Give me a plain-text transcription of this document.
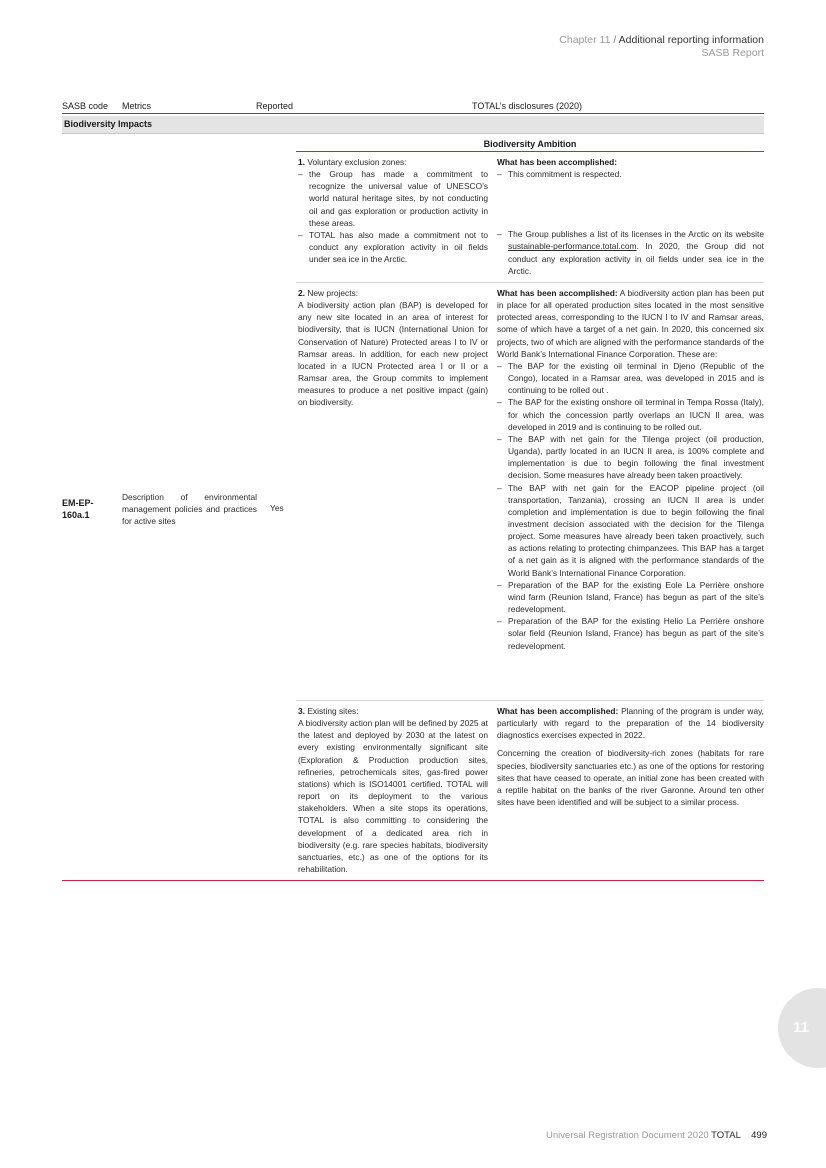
Chapter 11 / Additional reporting information
SASB Report
SASB code Metrics	Reported	TOTAL’s disclosures (2020)
Biodiversity Impacts
Biodiversity Ambition
EM-EP-160a.1
Description of environmental management policies and practices for active sites
Yes

1. Voluntary exclusion zones:

– the Group has made a commitment to recognize the universal value of UNESCO’s world natural heritage sites, by not conducting oil and gas exploration or production activity in these areas.
– TOTAL has also made a commitment not to conduct any exploration activity in oil fields under sea ice in the Arctic.

What has been accomplished:

– This commitment is respected.
– The Group publishes a list of its licenses in the Arctic on its website sustainable-performance.total.com. In 2020, the Group did not conduct any exploration activity in oil fields under sea ice in the Arctic.

2. New projects:

A biodiversity action plan (BAP) is developed for any new site located in an area of interest for biodiversity, that is IUCN (International Union for Conservation of Nature) Protected areas I to IV or Ramsar areas. In addition, for each new project located in a IUCN Protected area I or II or a Ramsar area, the Group commits to implement measures to produce a net positive impact (gain) on biodiversity.

What has been accomplished: A biodiversity action plan has been put in place for all operated production sites located in the most sensitive protected areas, corresponding to the IUCN I to IV and Ramsar areas, some of which have a target of a net gain. In 2020, this concerned six projects, two of which are aligned with the performance standards of the World Bank’s International Finance Corporation. These are:

– The BAP for the existing oil terminal in Djeno (Republic of the Congo), located in a Ramsar area, was developed in 2015 and is continuing to be rolled out .
– The BAP for the existing onshore oil terminal in Tempa Rossa (Italy), for which the concession partly overlaps an IUCN II area, was developed in 2019 and is continuing to be rolled out.
– The BAP with net gain for the Tilenga project (oil production, Uganda), partly located in an IUCN II area, is 100% complete and implementation is due to begin following the final investment decision. Some measures have already been taken proactively.
– The BAP with net gain for the EACOP pipeline project (oil transportation, Tanzania), crossing an IUCN II area is under completion and implementation is due to begin following the final investment decision associated with the decision for the Tilenga project. Some measures have already been taken proactively, such as actions relating to protecting chimpanzees. This BAP has a target of a net gain as it is aligned with the performance standards of the World Bank’s International Finance Corporation.
– Preparation of the BAP for the existing Eole La Perrière onshore wind farm (Reunion Island, France) has begun as part of the site’s redevelopment.
– Preparation of the BAP for the existing Helio La Perrière onshore solar field (Reunion Island, France) has begun as part of the site’s redevelopment.

3. Existing sites:

A biodiversity action plan will be defined by 2025 at the latest and deployed by 2030 at the latest on every existing environmentally significant site (Exploration & Production production sites, refineries, petrochemicals sites, gas-fired power stations) which is ISO14001 certified. TOTAL will report on its deployment to the various stakeholders. When a site stops its operations, TOTAL is also committing to considering the development of a dedicated area rich in biodiversity (e.g. rare species habitats, biodiversity sanctuaries, etc.) as one of the options for its rehabilitation.

What has been accomplished: Planning of the program is under way, particularly with regard to the preparation of the 14 biodiversity diagnostics exercises expected in 2022.

Concerning the creation of biodiversity-rich zones (habitats for rare species, biodiversity sanctuaries etc.) as one of the options for restoring sites that have ceased to operate, an initial zone has been created with a reptile habitat on the banks of the river Garonne. Around ten other sites have been identified and will be subject to a similar process.

11
Universal Registration Document 2020 TOTAL 499
